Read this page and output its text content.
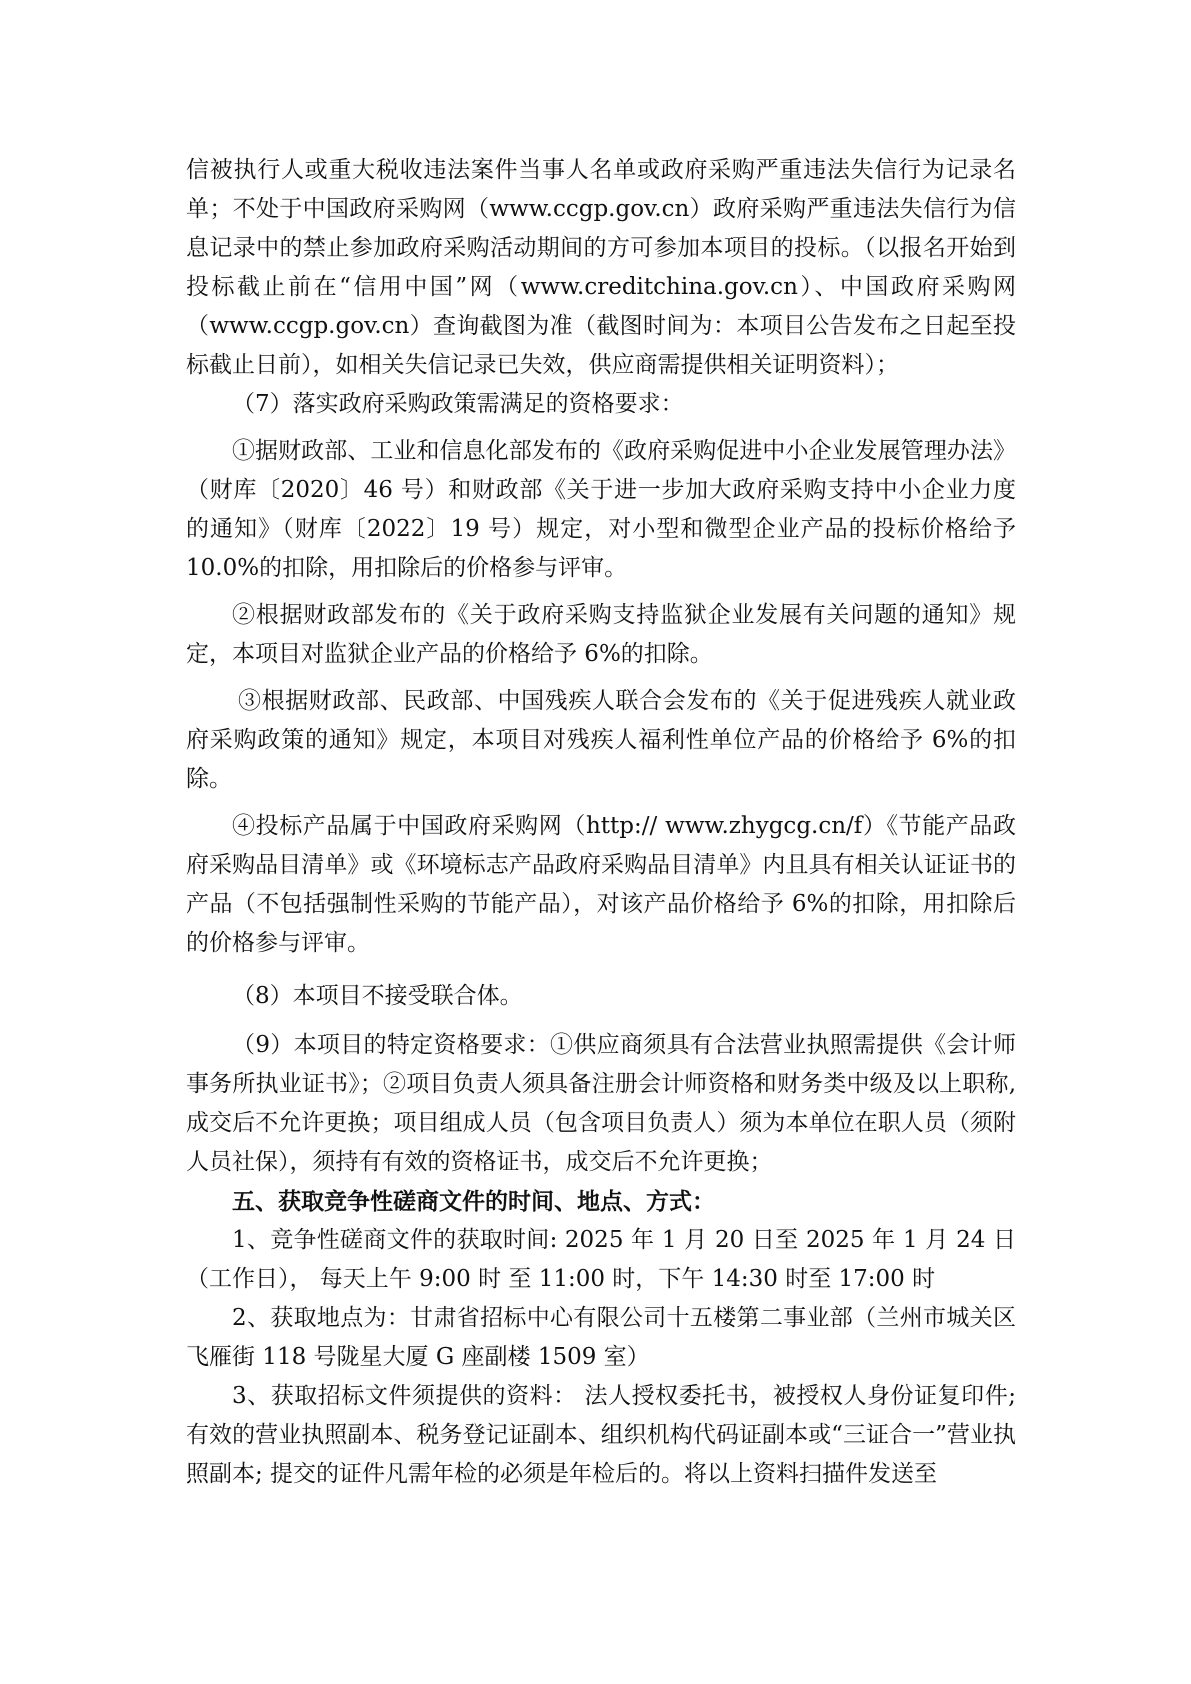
信被执行人或重大税收违法案件当事人名单或政府采购严重违法失信行为记录名单；不处于中国政府采购网（www.ccgp.gov.cn）政府采购严重违法失信行为信息记录中的禁止参加政府采购活动期间的方可参加本项目的投标。（以报名开始到投标截止前在“信用中国”网（www.creditchina.gov.cn）、中国政府采购网（www.ccgp.gov.cn）查询截图为准（截图时间为：本项目公告发布之日起至投标截止日前），如相关失信记录已失效，供应商需提供相关证明资料）；

（7）落实政府采购政策需满足的资格要求：

①据财政部、工业和信息化部发布的《政府采购促进中小企业发展管理办法》（财库〔2020〕46 号）和财政部《关于进一步加大政府采购支持中小企业力度的通知》（财库〔2022〕19 号）规定，对小型和微型企业产品的投标价格给予 10.0%的扣除，用扣除后的价格参与评审。

②根据财政部发布的《关于政府采购支持监狱企业发展有关问题的通知》规定，本项目对监狱企业产品的价格给予 6%的扣除。

③根据财政部、民政部、中国残疾人联合会发布的《关于促进残疾人就业政府采购政策的通知》规定，本项目对残疾人福利性单位产品的价格给予 6%的扣除。

④投标产品属于中国政府采购网（http:// www.zhygcg.cn/f）《节能产品政府采购品目清单》或《环境标志产品政府采购品目清单》内且具有相关认证证书的产品（不包括强制性采购的节能产品），对该产品价格给予 6%的扣除，用扣除后的价格参与评审。

（8）本项目不接受联合体。

（9）本项目的特定资格要求：①供应商须具有合法营业执照需提供《会计师事务所执业证书》；②项目负责人须具备注册会计师资格和财务类中级及以上职称, 成交后不允许更换；项目组成人员（包含项目负责人）须为本单位在职人员（须附人员社保），须持有有效的资格证书，成交后不允许更换；

五、获取竞争性磋商文件的时间、地点、方式：

1、竞争性磋商文件的获取时间: 2025 年 1 月 20 日至 2025 年 1 月 24 日（工作日）， 每天上午 9:00 时 至 11:00 时，下午 14:30 时至 17:00 时

2、获取地点为：甘肃省招标中心有限公司十五楼第二事业部（兰州市城关区飞雁街 118 号陇星大厦 G 座副楼 1509 室）

3、获取招标文件须提供的资料： 法人授权委托书，被授权人身份证复印件; 有效的营业执照副本、税务登记证副本、组织机构代码证副本或“三证合一”营业执照副本; 提交的证件凡需年检的必须是年检后的。将以上资料扫描件发送至
